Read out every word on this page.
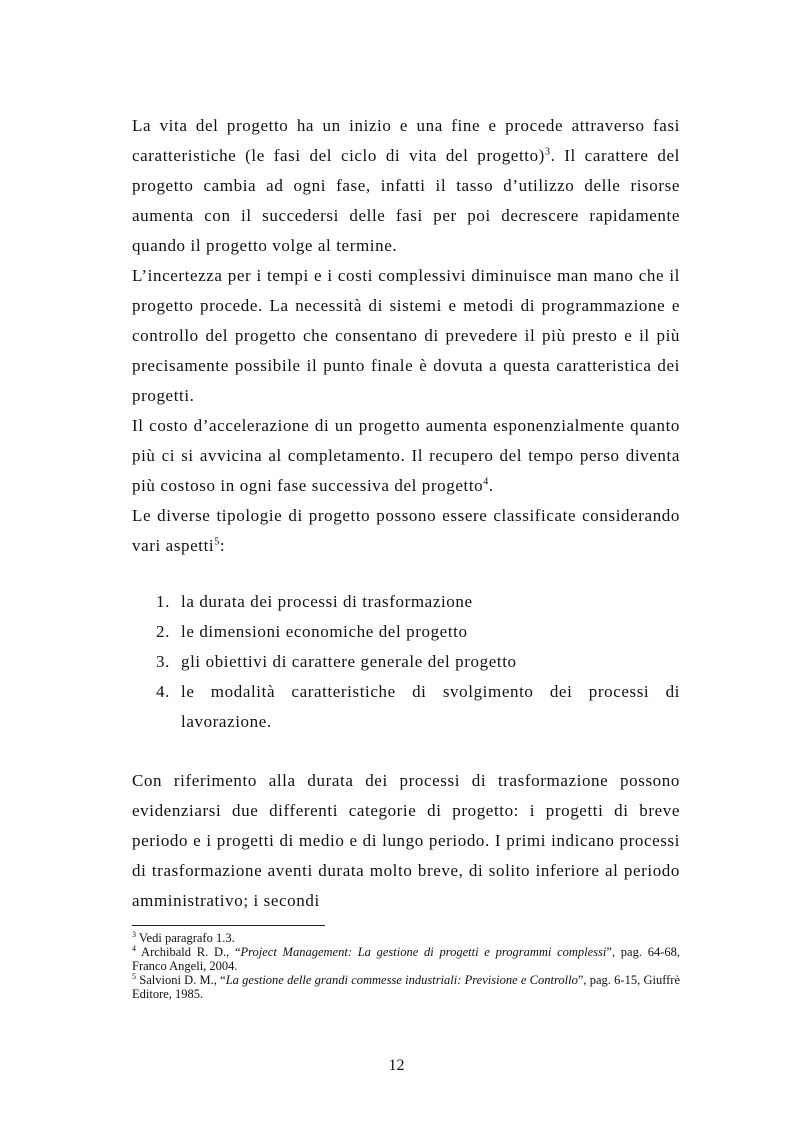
La vita del progetto ha un inizio e una fine e procede attraverso fasi caratteristiche (le fasi del ciclo di vita del progetto)$^3$. Il carattere del progetto cambia ad ogni fase, infatti il tasso d’utilizzo delle risorse aumenta con il succedersi delle fasi per poi decrescere rapidamente quando il progetto volge al termine.

L’incertezza per i tempi e i costi complessivi diminuisce man mano che il progetto procede. La necessità di sistemi e metodi di programmazione e controllo del progetto che consentano di prevedere il più presto e il più precisamente possibile il punto finale è dovuta a questa caratteristica dei progetti.

Il costo d’accelerazione di un progetto aumenta esponenzialmente quanto più ci si avvicina al completamento. Il recupero del tempo perso diventa più costoso in ogni fase successiva del progetto$^4$.

Le diverse tipologie di progetto possono essere classificate considerando vari aspetti$^5$:

1. la durata dei processi di trasformazione
2. le dimensioni economiche del progetto
3. gli obiettivi di carattere generale del progetto
4. le modalità caratteristiche di svolgimento dei processi di lavorazione.

Con riferimento alla durata dei processi di trasformazione possono evidenziarsi due differenti categorie di progetto: i progetti di breve periodo e i progetti di medio e di lungo periodo. I primi indicano processi di trasformazione aventi durata molto breve, di solito inferiore al periodo amministrativo; i secondi

$^3$ Vedi paragrafo 1.3.

$^4$ Archibald R. D., “Project Management: La gestione di progetti e programmi complessi”, pag. 64-68, Franco Angeli, 2004.

$^5$ Salvioni D. M., “La gestione delle grandi commesse industriali: Previsione e Controllo”, pag. 6-15, Giuffrè Editore, 1985.

12
